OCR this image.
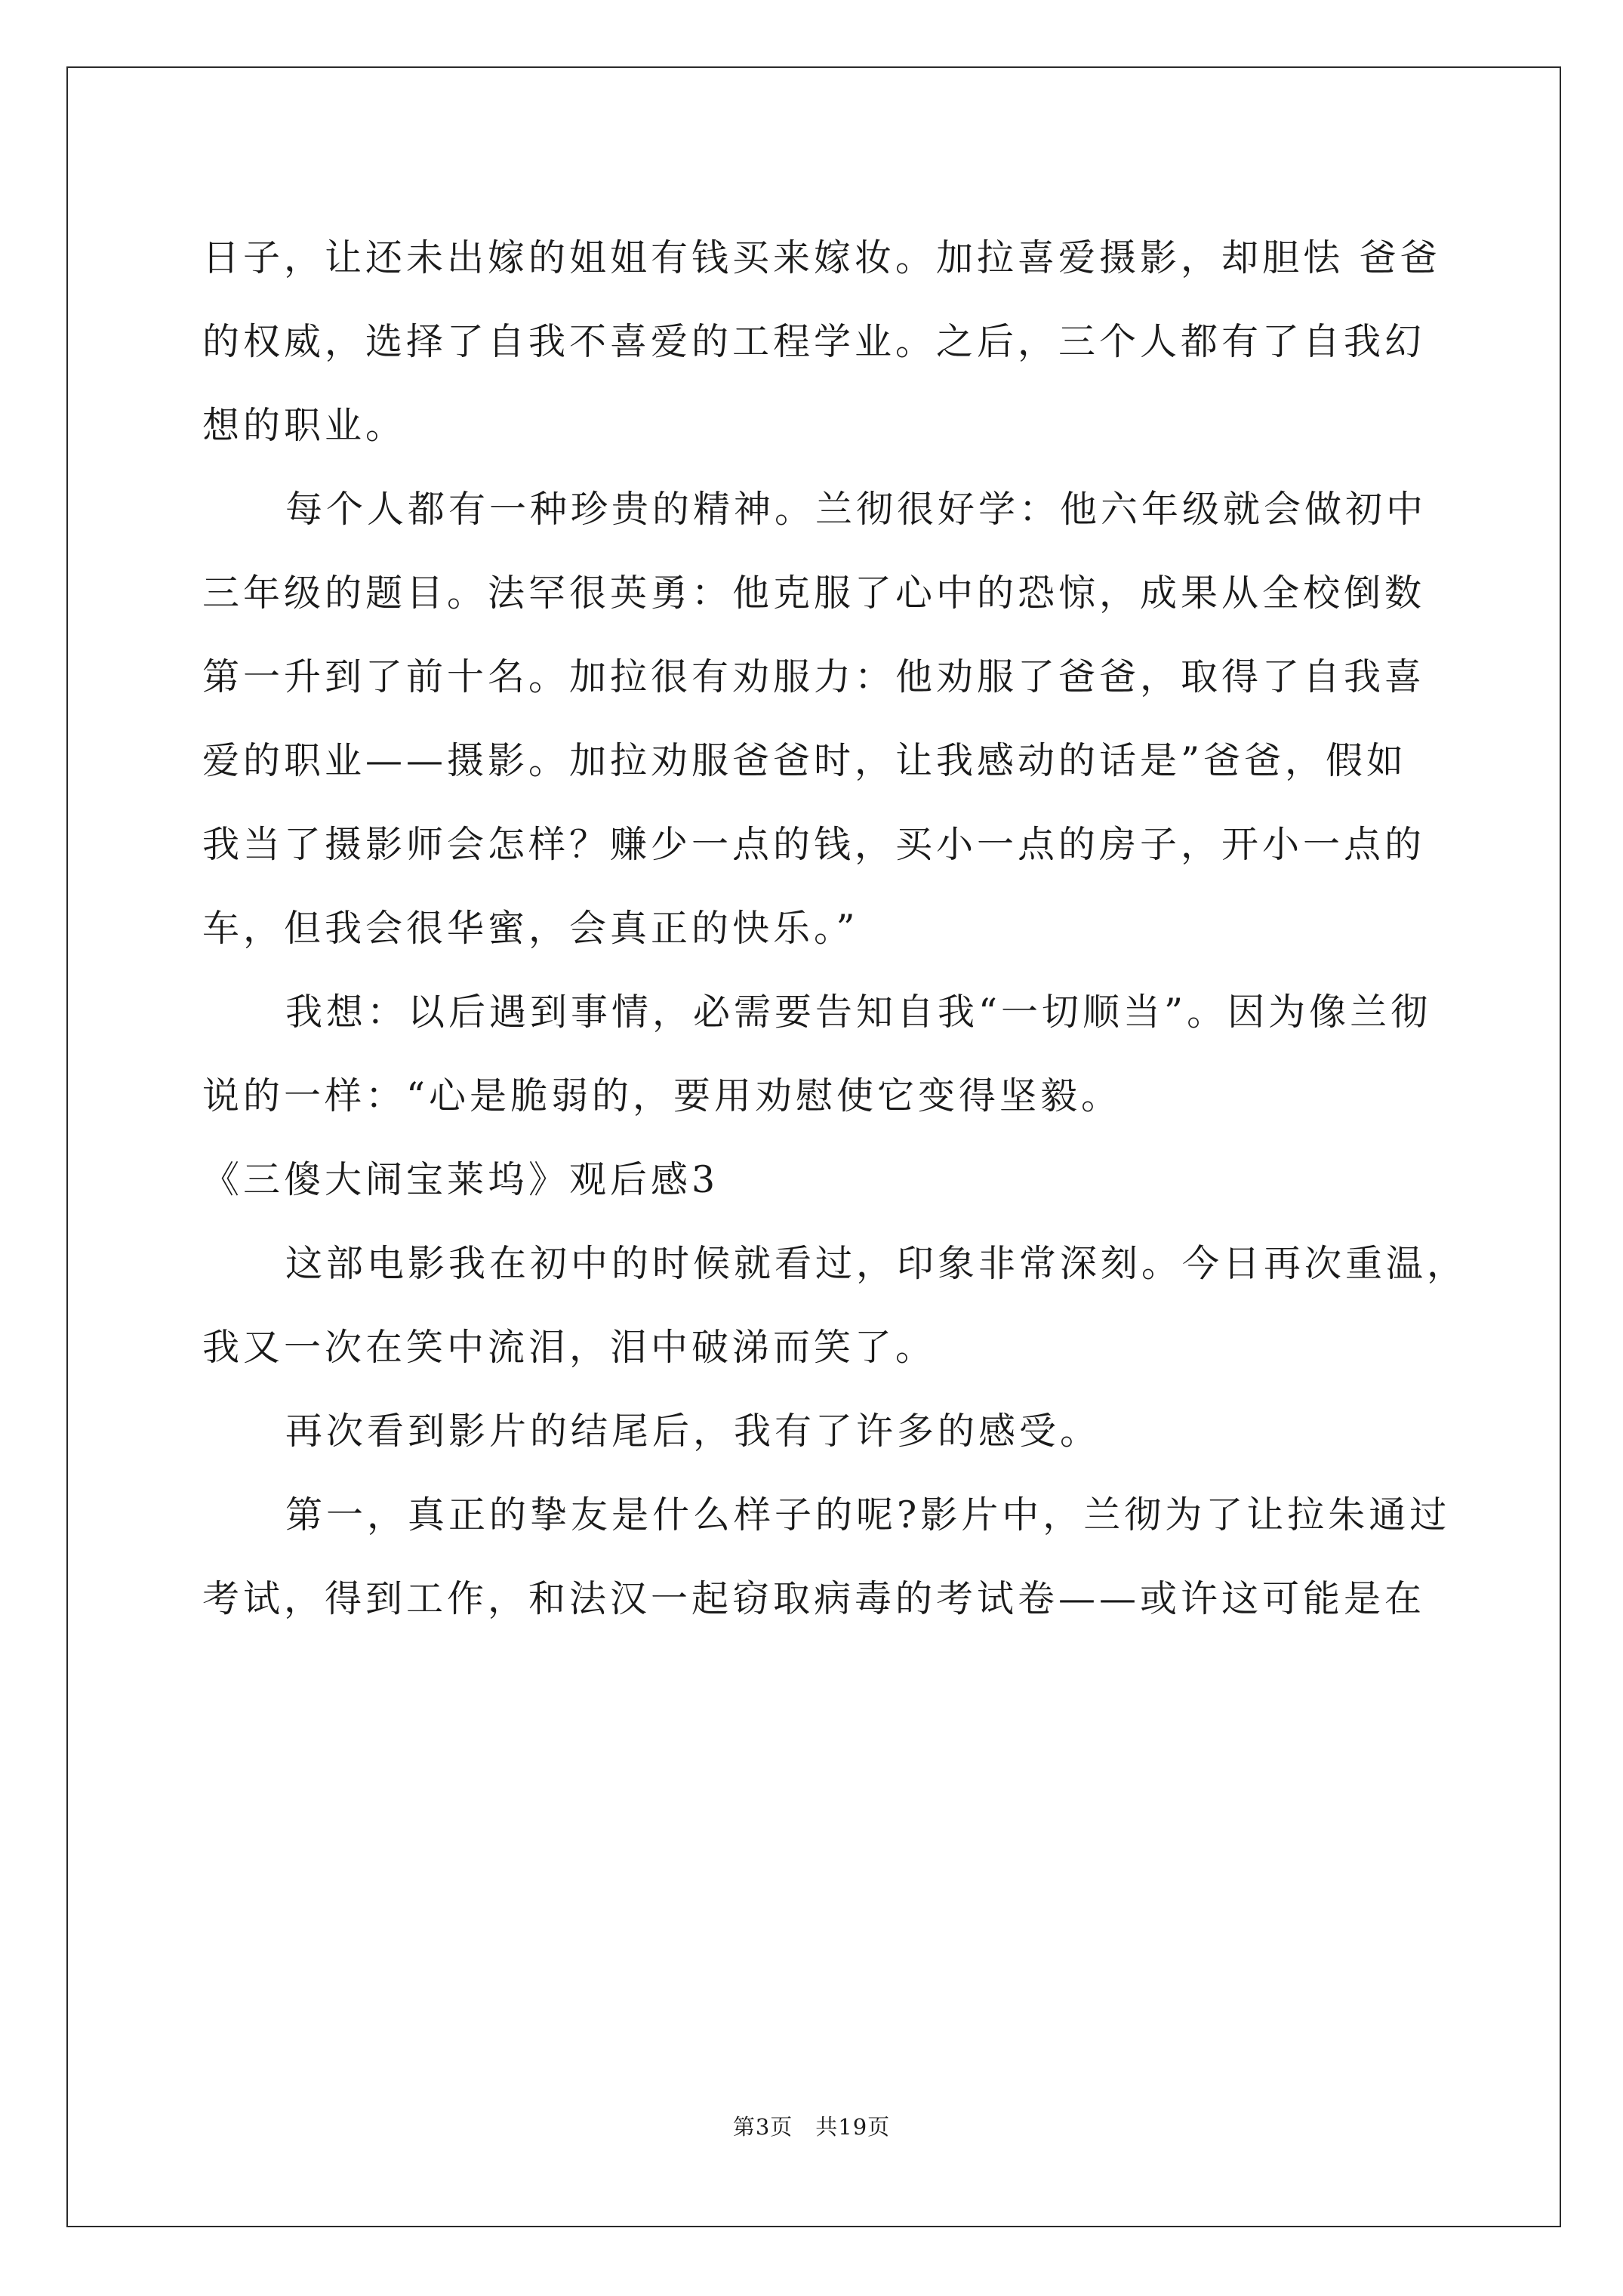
日子，让还未出嫁的姐姐有钱买来嫁妆。加拉喜爱摄影，却胆怯 爸爸
的权威，选择了自我不喜爱的工程学业。之后，三个人都有了自我幻
想的职业。
每个人都有一种珍贵的精神。兰彻很好学：他六年级就会做初中
三年级的题目。法罕很英勇：他克服了心中的恐惊，成果从全校倒数
第一升到了前十名。加拉很有劝服力：他劝服了爸爸，取得了自我喜
爱的职业——摄影。加拉劝服爸爸时，让我感动的话是”爸爸，假如
我当了摄影师会怎样？赚少一点的钱，买小一点的房子，开小一点的
车，但我会很华蜜，会真正的快乐。”
我想：以后遇到事情，必需要告知自我“一切顺当”。因为像兰彻
说的一样：“心是脆弱的，要用劝慰使它变得坚毅。
《三傻大闹宝莱坞》观后感3
这部电影我在初中的时候就看过，印象非常深刻。今日再次重温，
我又一次在笑中流泪，泪中破涕而笑了。
再次看到影片的结尾后，我有了许多的感受。
第一，真正的挚友是什么样子的呢?影片中，兰彻为了让拉朱通过
考试，得到工作，和法汉一起窃取病毒的考试卷——或许这可能是在
第3页 共19页
